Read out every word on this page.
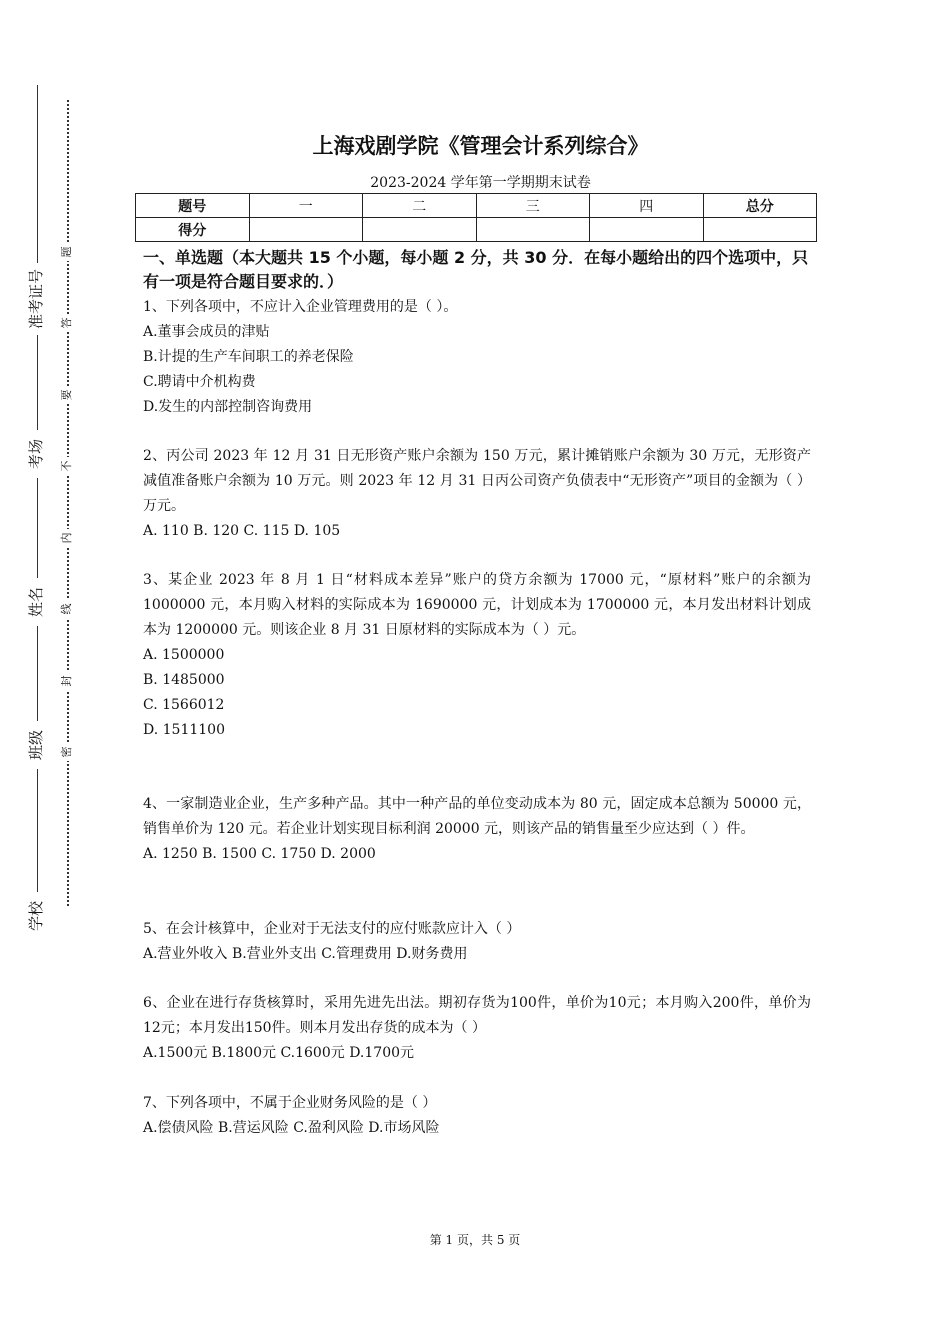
准考证号
考场
姓名
班级
学校
题
答
要
不
内
线
封
密
上海戏剧学院《管理会计系列综合》
2023-2024 学年第一学期期末试卷
题号	一	二	三	四	总分
得分					
一、单选题（本大题共 15 个小题，每小题 2 分，共 30 分．在每小题给出的四个选项中，只有一项是符合题目要求的．）

1、下列各项中，不应计入企业管理费用的是（ ）。

A.董事会成员的津贴

B.计提的生产车间职工的养老保险

C.聘请中介机构费

D.发生的内部控制咨询费用

2、丙公司 2023 年 12 月 31 日无形资产账户余额为 150 万元，累计摊销账户余额为 30 万元，无形资产减值准备账户余额为 10 万元。则 2023 年 12 月 31 日丙公司资产负债表中“无形资产”项目的金额为（ ）万元。

A. 110 B. 120 C. 115 D. 105

3、某企业 2023 年 8 月 1 日“材料成本差异”账户的贷方余额为 17000 元，“原材料”账户的余额为 1000000 元，本月购入材料的实际成本为 1690000 元，计划成本为 1700000 元，本月发出材料计划成本为 1200000 元。则该企业 8 月 31 日原材料的实际成本为（ ）元。

A. 1500000

B. 1485000

C. 1566012

D. 1511100

4、一家制造业企业，生产多种产品。其中一种产品的单位变动成本为 80 元，固定成本总额为 50000 元，销售单价为 120 元。若企业计划实现目标利润 20000 元，则该产品的销售量至少应达到（ ）件。

A. 1250 B. 1500 C. 1750 D. 2000

5、在会计核算中，企业对于无法支付的应付账款应计入（ ）

A.营业外收入 B.营业外支出 C.管理费用 D.财务费用

6、企业在进行存货核算时，采用先进先出法。期初存货为100件，单价为10元；本月购入200件，单价为12元；本月发出150件。则本月发出存货的成本为（ ）

A.1500元 B.1800元 C.1600元 D.1700元

7、下列各项中，不属于企业财务风险的是（ ）

A.偿债风险 B.营运风险 C.盈利风险 D.市场风险

第 1 页，共 5 页
